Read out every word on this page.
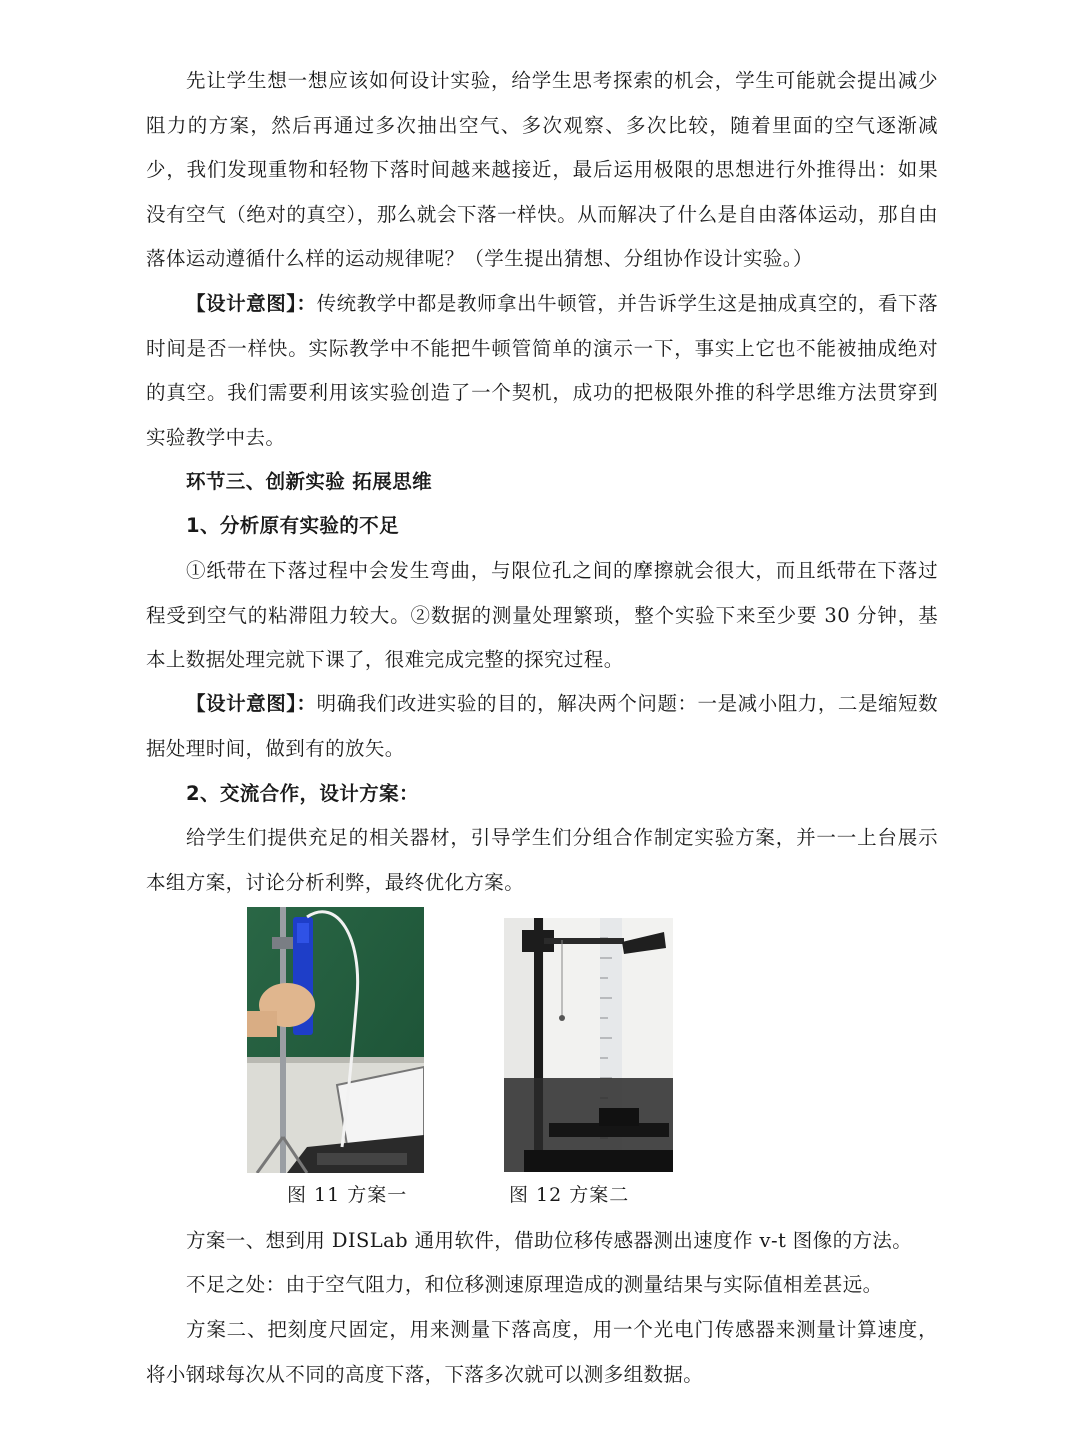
先让学生想一想应该如何设计实验，给学生思考探索的机会，学生可能就会提出减少阻力的方案，然后再通过多次抽出空气、多次观察、多次比较，随着里面的空气逐渐减少，我们发现重物和轻物下落时间越来越接近，最后运用极限的思想进行外推得出：如果没有空气（绝对的真空），那么就会下落一样快。从而解决了什么是自由落体运动，那自由落体运动遵循什么样的运动规律呢？（学生提出猜想、分组协作设计实验。）

【设计意图】：传统教学中都是教师拿出牛顿管，并告诉学生这是抽成真空的，看下落时间是否一样快。实际教学中不能把牛顿管简单的演示一下，事实上它也不能被抽成绝对的真空。我们需要利用该实验创造了一个契机，成功的把极限外推的科学思维方法贯穿到实验教学中去。

环节三、创新实验 拓展思维

1、分析原有实验的不足

①纸带在下落过程中会发生弯曲，与限位孔之间的摩擦就会很大，而且纸带在下落过程受到空气的粘滞阻力较大。②数据的测量处理繁琐，整个实验下来至少要 30 分钟，基本上数据处理完就下课了，很难完成完整的探究过程。

【设计意图】：明确我们改进实验的目的，解决两个问题：一是减小阻力，二是缩短数据处理时间，做到有的放矢。

2、交流合作，设计方案：

给学生们提供充足的相关器材，引导学生们分组合作制定实验方案，并一一上台展示本组方案，讨论分析利弊，最终优化方案。

图 11 方案一	图 12 方案二

方案一、想到用 DISLab 通用软件，借助位移传感器测出速度作 v-t 图像的方法。

不足之处：由于空气阻力，和位移测速原理造成的测量结果与实际值相差甚远。

方案二、把刻度尺固定，用来测量下落高度，用一个光电门传感器来测量计算速度，将小钢球每次从不同的高度下落，下落多次就可以测多组数据。
